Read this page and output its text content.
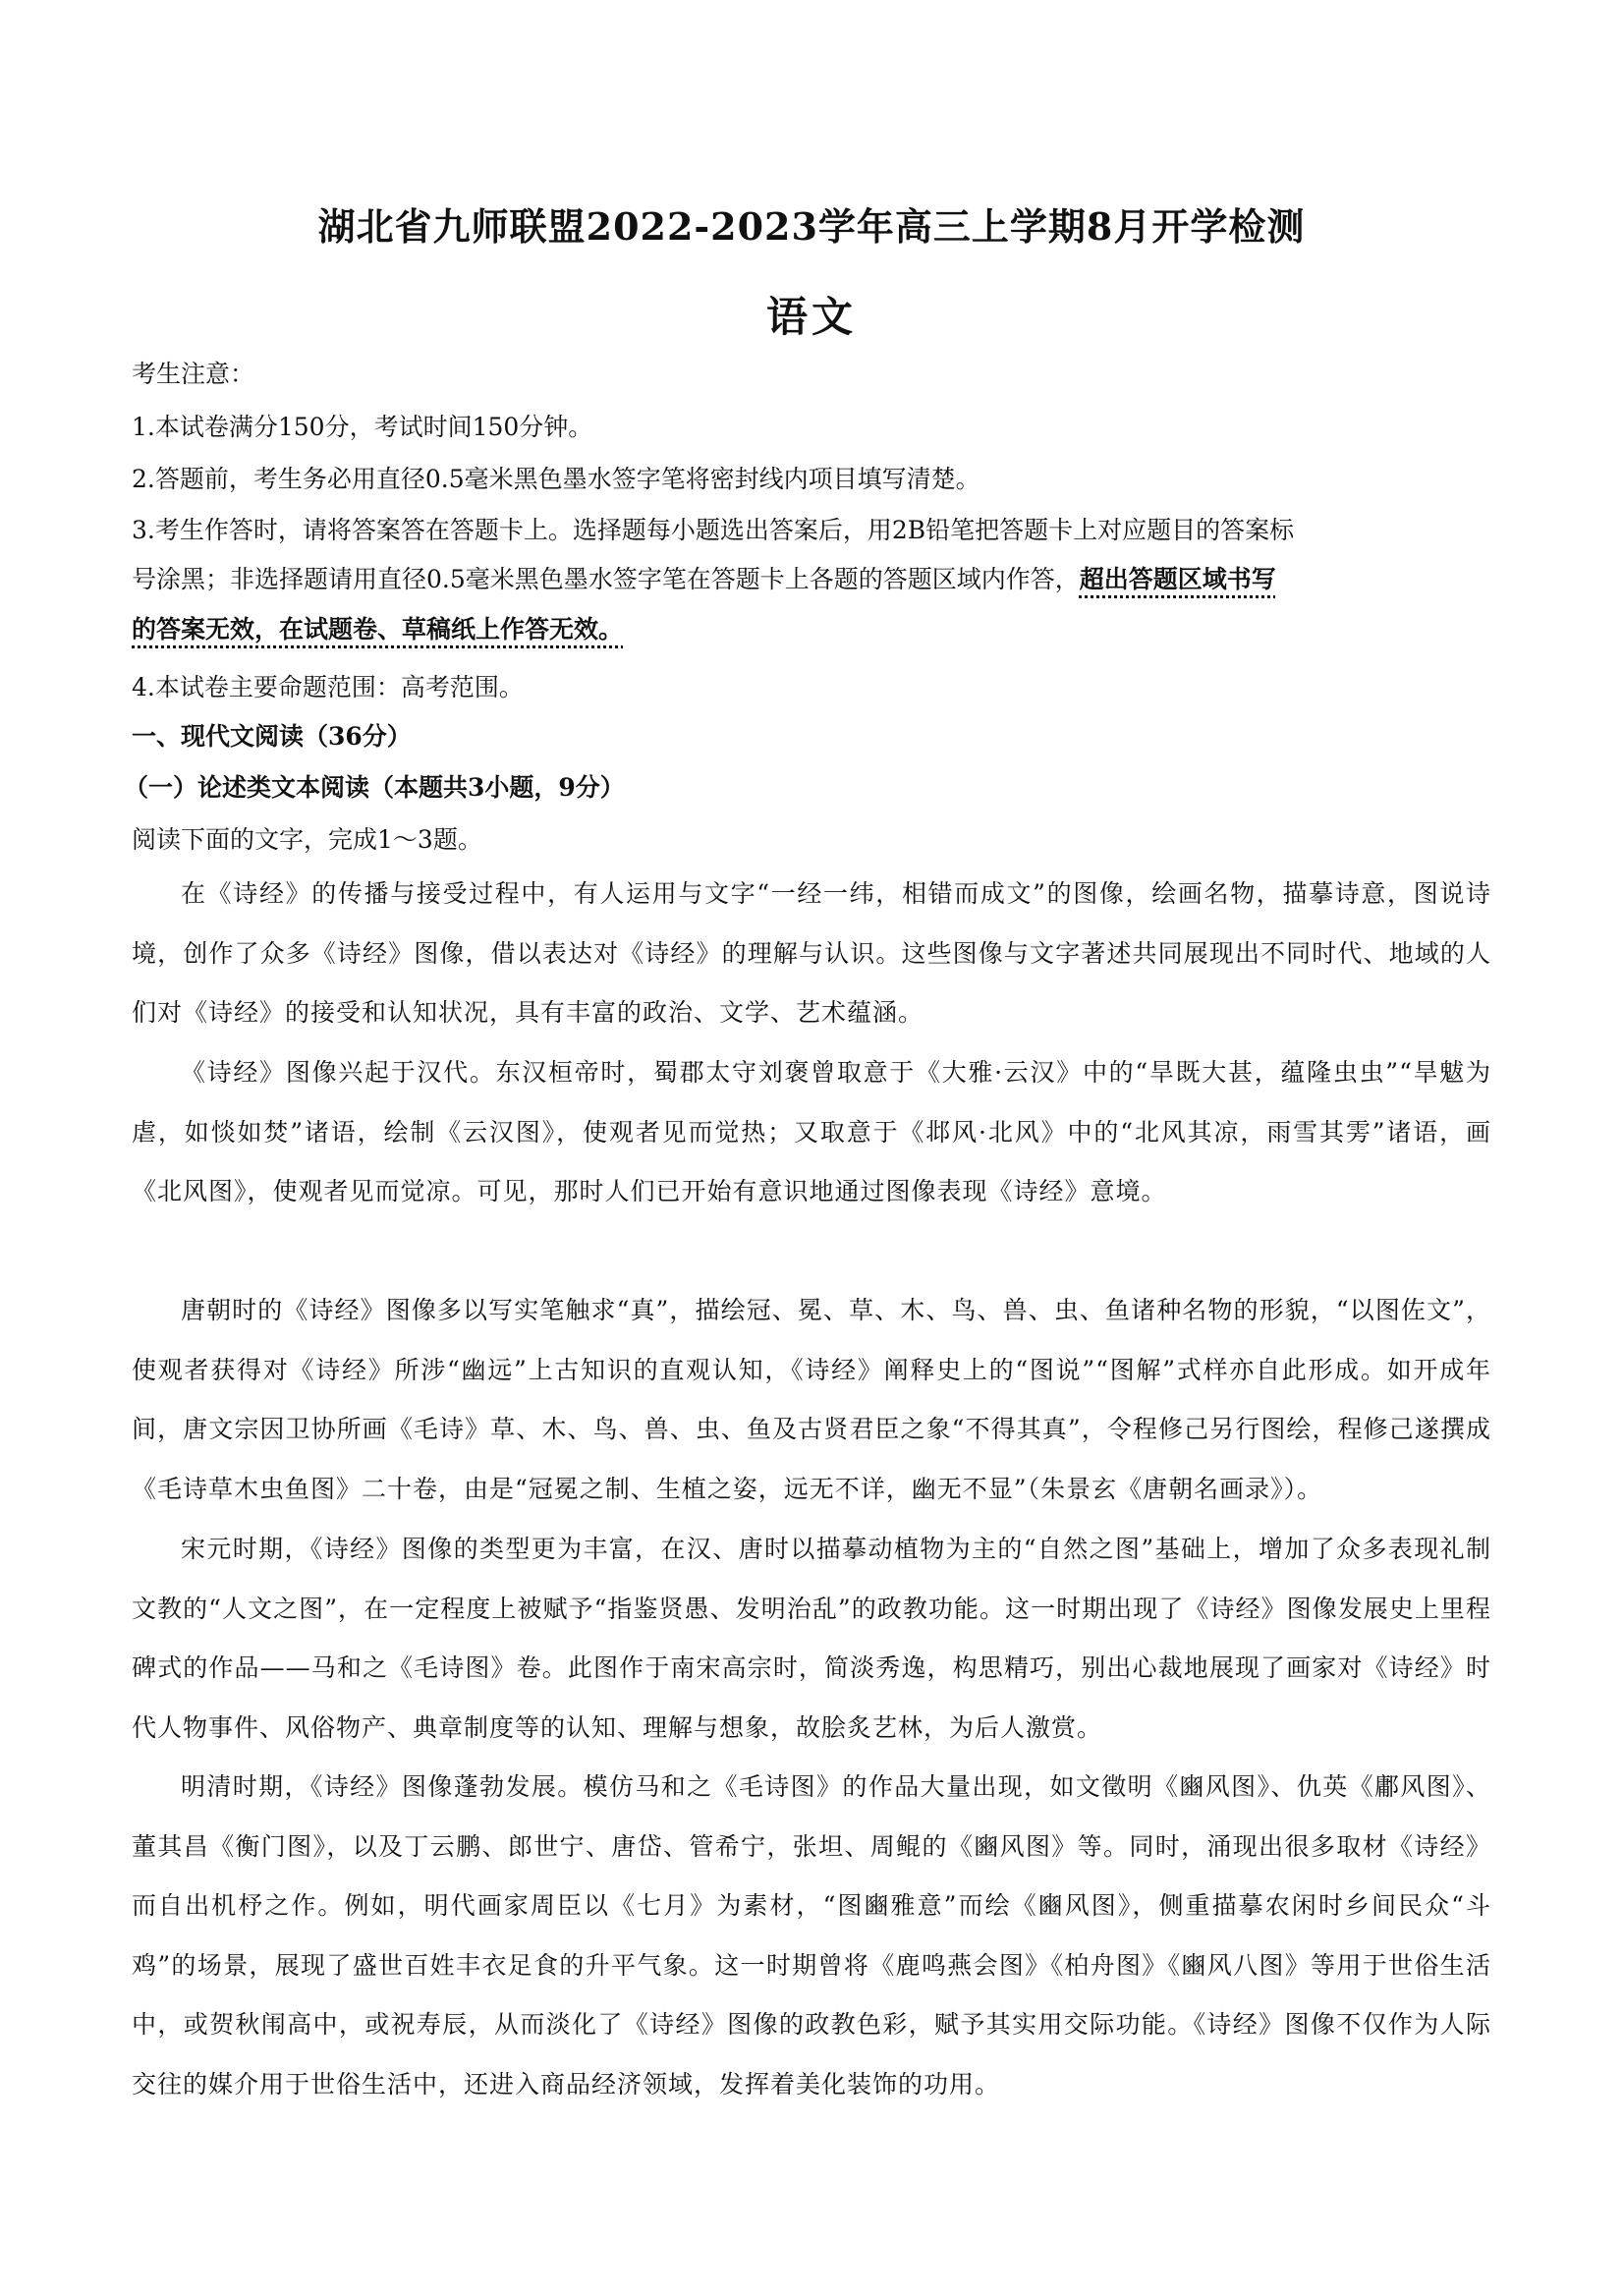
湖北省九师联盟2022-2023学年高三上学期8月开学检测
语文
考生注意：
1.本试卷满分150分，考试时间150分钟。
2.答题前，考生务必用直径0.5毫米黑色墨水签字笔将密封线内项目填写清楚。
3.考生作答时，请将答案答在答题卡上。选择题每小题选出答案后，用2B铅笔把答题卡上对应题目的答案标
号涂黑；非选择题请用直径0.5毫米黑色墨水签字笔在答题卡上各题的答题区域内作答，超出答题区域书写
的答案无效，在试题卷、草稿纸上作答无效。
4.本试卷主要命题范围：高考范围。
一、现代文阅读（36分）
（一）论述类文本阅读（本题共3小题，9分）
阅读下面的文字，完成1～3题。
在《诗经》的传播与接受过程中，有人运用与文字“一经一纬，相错而成文”的图像，绘画名物，描摹诗意，图说诗境，创作了众多《诗经》图像，借以表达对《诗经》的理解与认识。这些图像与文字著述共同展现出不同时代、地域的人们对《诗经》的接受和认知状况，具有丰富的政治、文学、艺术蕴涵。
《诗经》图像兴起于汉代。东汉桓帝时，蜀郡太守刘褒曾取意于《大雅·云汉》中的“旱既大甚，蕴隆虫虫”“旱魃为虐，如惔如焚”诸语，绘制《云汉图》，使观者见而觉热；又取意于《邶风·北风》中的“北风其凉，雨雪其雱”诸语，画《北风图》，使观者见而觉凉。可见，那时人们已开始有意识地通过图像表现《诗经》意境。
唐朝时的《诗经》图像多以写实笔触求“真”，描绘冠、冕、草、木、鸟、兽、虫、鱼诸种名物的形貌，“以图佐文”，使观者获得对《诗经》所涉“幽远”上古知识的直观认知，《诗经》阐释史上的“图说”“图解”式样亦自此形成。如开成年间，唐文宗因卫协所画《毛诗》草、木、鸟、兽、虫、鱼及古贤君臣之象“不得其真”，令程修己另行图绘，程修己遂撰成《毛诗草木虫鱼图》二十卷，由是“冠冕之制、生植之姿，远无不详，幽无不显”（朱景玄《唐朝名画录》）。
宋元时期，《诗经》图像的类型更为丰富，在汉、唐时以描摹动植物为主的“自然之图”基础上，增加了众多表现礼制文教的“人文之图”，在一定程度上被赋予“指鉴贤愚、发明治乱”的政教功能。这一时期出现了《诗经》图像发展史上里程碑式的作品——马和之《毛诗图》卷。此图作于南宋高宗时，简淡秀逸，构思精巧，别出心裁地展现了画家对《诗经》时代人物事件、风俗物产、典章制度等的认知、理解与想象，故脍炙艺林，为后人激赏。
明清时期，《诗经》图像蓬勃发展。模仿马和之《毛诗图》的作品大量出现，如文徵明《豳风图》、仇英《鄘风图》、董其昌《衡门图》，以及丁云鹏、郎世宁、唐岱、管希宁，张坦、周鲲的《豳风图》等。同时，涌现出很多取材《诗经》而自出机杼之作。例如，明代画家周臣以《七月》为素材，“图豳雅意”而绘《豳风图》，侧重描摹农闲时乡间民众“斗鸡”的场景，展现了盛世百姓丰衣足食的升平气象。这一时期曾将《鹿鸣燕会图》《柏舟图》《豳风八图》等用于世俗生活中，或贺秋闱高中，或祝寿辰，从而淡化了《诗经》图像的政教色彩，赋予其实用交际功能。《诗经》图像不仅作为人际交往的媒介用于世俗生活中，还进入商品经济领域，发挥着美化装饰的功用。
